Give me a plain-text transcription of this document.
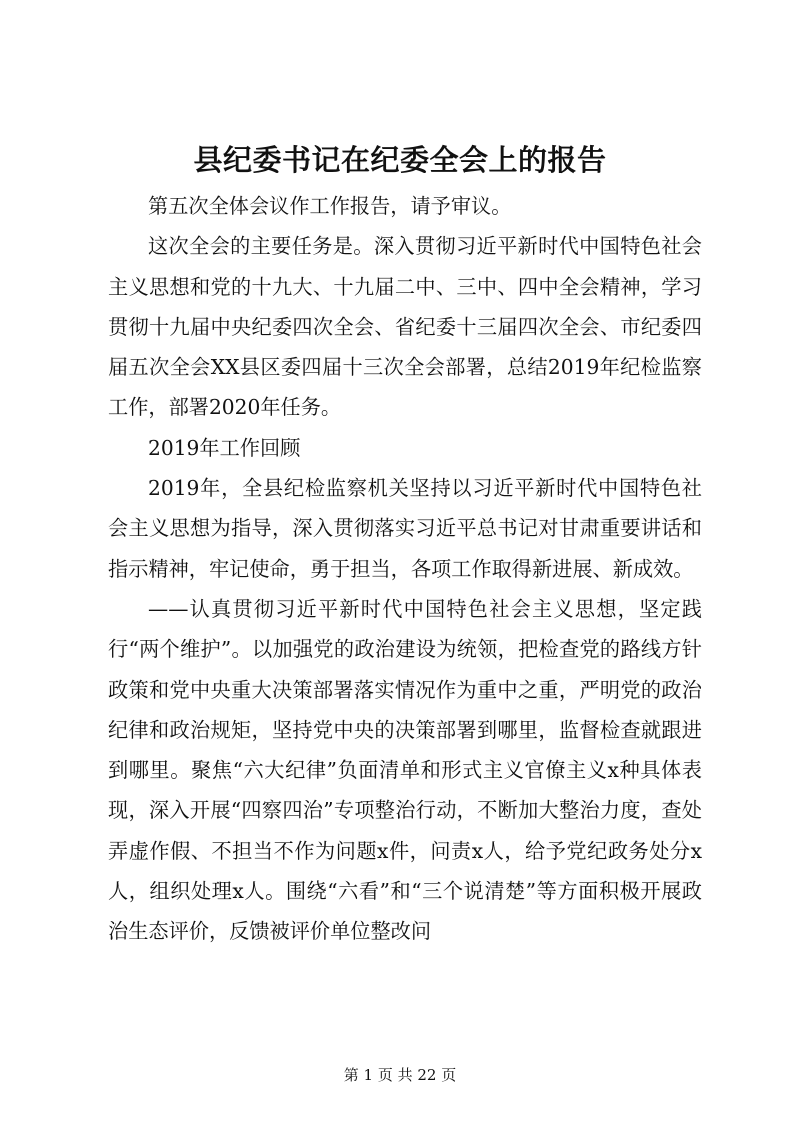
县纪委书记在纪委全会上的报告

第五次全体会议作工作报告，请予审议。

这次全会的主要任务是。深入贯彻习近平新时代中国特色社会主义思想和党的十九大、十九届二中、三中、四中全会精神，学习贯彻十九届中央纪委四次全会、省纪委十三届四次全会、市纪委四届五次全会XX县区委四届十三次全会部署，总结2019年纪检监察工作，部署2020年任务。

2019年工作回顾

2019年，全县纪检监察机关坚持以习近平新时代中国特色社会主义思想为指导，深入贯彻落实习近平总书记对甘肃重要讲话和指示精神，牢记使命，勇于担当，各项工作取得新进展、新成效。

——认真贯彻习近平新时代中国特色社会主义思想，坚定践行“两个维护”。以加强党的政治建设为统领，把检查党的路线方针政策和党中央重大决策部署落实情况作为重中之重，严明党的政治纪律和政治规矩，坚持党中央的决策部署到哪里，监督检查就跟进到哪里。聚焦“六大纪律”负面清单和形式主义官僚主义x种具体表现，深入开展“四察四治”专项整治行动，不断加大整治力度，查处弄虚作假、不担当不作为问题x件，问责x人，给予党纪政务处分x人，组织处理x人。围绕“六看”和“三个说清楚”等方面积极开展政治生态评价，反馈被评价单位整改问

第 1 页 共 22 页
